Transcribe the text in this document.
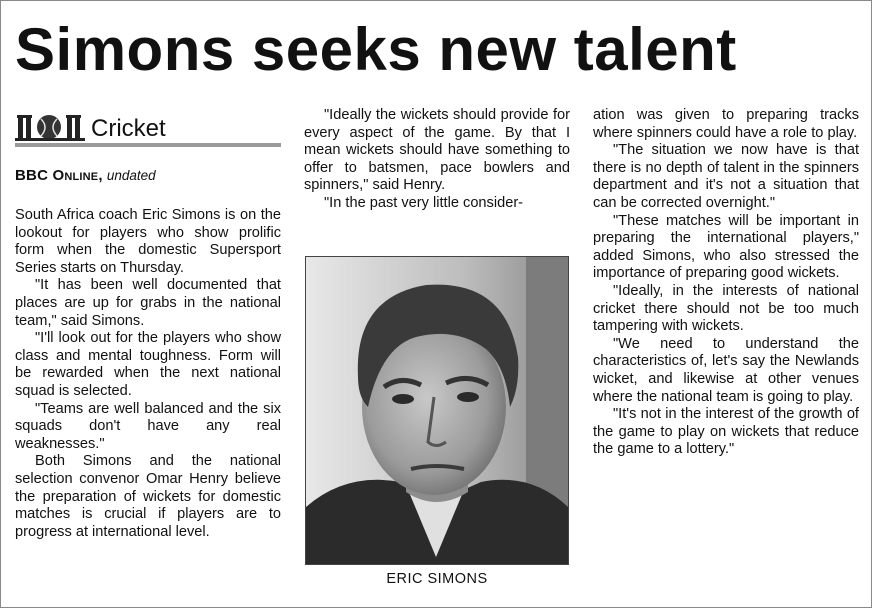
Simons seeks new talent
Cricket
BBC Online, undated

South Africa coach Eric Simons is on the lookout for players who show prolific form when the domestic Supersport Series starts on Thursday.

"It has been well documented that places are up for grabs in the national team," said Simons.

"I'll look out for the players who show class and mental toughness. Form will be rewarded when the next national squad is selected.

"Teams are well balanced and the six squads don't have any real weaknesses."

Both Simons and the national selection convenor Omar Henry believe the preparation of wickets for domestic matches is crucial if players are to progress at international level.

"Ideally the wickets should provide for every aspect of the game. By that I mean wickets should have something to offer to batsmen, pace bowlers and spinners," said Henry.

"In the past very little consider-

ERIC SIMONS

ation was given to preparing tracks where spinners could have a role to play.

"The situation we now have is that there is no depth of talent in the spinners department and it's not a situation that can be corrected overnight."

"These matches will be important in preparing the international players," added Simons, who also stressed the importance of preparing good wickets.

"Ideally, in the interests of national cricket there should not be too much tampering with wickets.

"We need to understand the characteristics of, let's say the Newlands wicket, and likewise at other venues where the national team is going to play.

"It's not in the interest of the growth of the game to play on wickets that reduce the game to a lottery."
